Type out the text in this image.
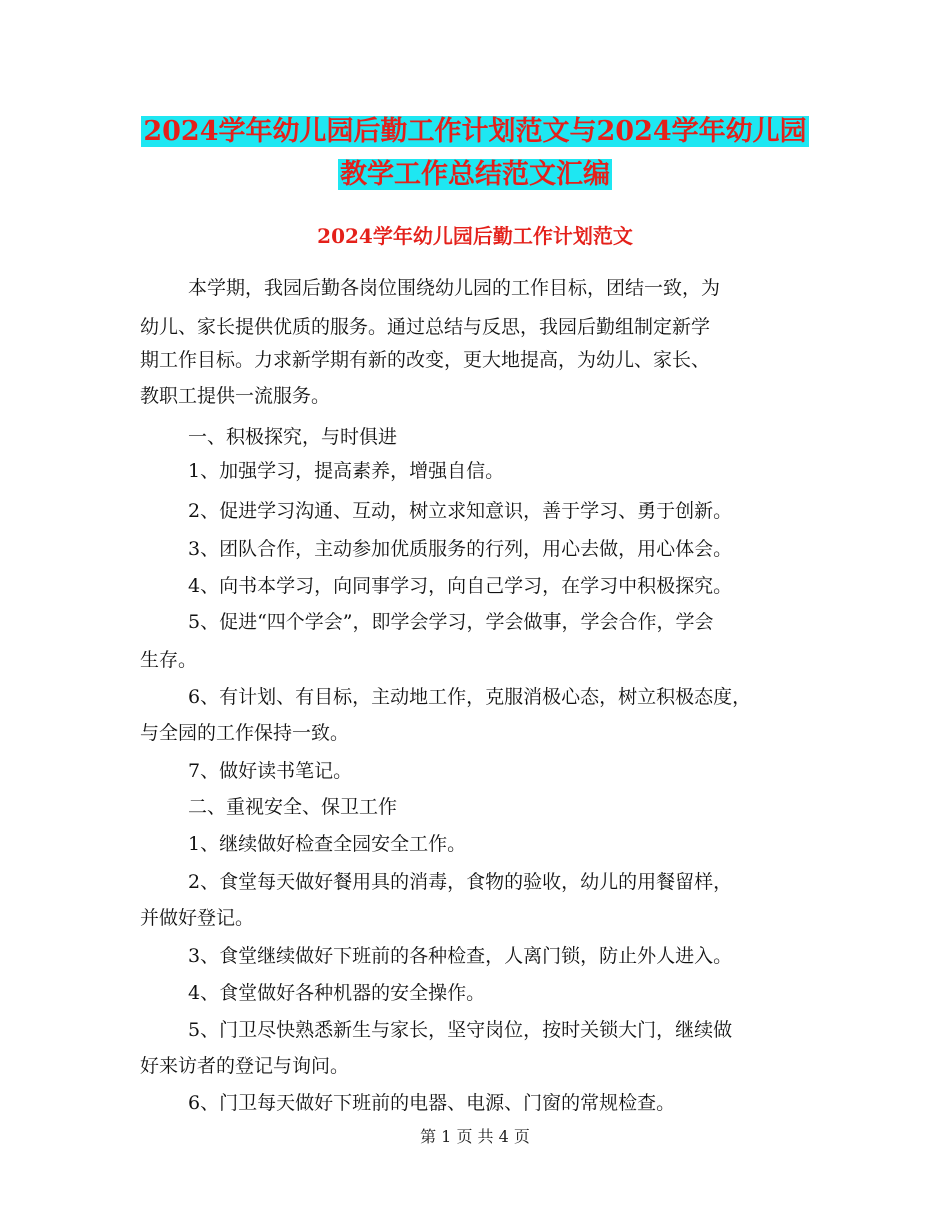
2024学年幼儿园后勤工作计划范文与2024学年幼儿园
教学工作总结范文汇编
2024学年幼儿园后勤工作计划范文
本学期，我园后勤各岗位围绕幼儿园的工作目标，团结一致，为
幼儿、家长提供优质的服务。通过总结与反思，我园后勤组制定新学
期工作目标。力求新学期有新的改变，更大地提高，为幼儿、家长、
教职工提供一流服务。
一、积极探究，与时俱进
1、加强学习，提高素养，增强自信。
2、促进学习沟通、互动，树立求知意识，善于学习、勇于创新。
3、团队合作，主动参加优质服务的行列，用心去做，用心体会。
4、向书本学习，向同事学习，向自己学习，在学习中积极探究。
5、促进“四个学会”，即学会学习，学会做事，学会合作，学会
生存。
6、有计划、有目标，主动地工作，克服消极心态，树立积极态度，
与全园的工作保持一致。
7、做好读书笔记。
二、重视安全、保卫工作
1、继续做好检查全园安全工作。
2、食堂每天做好餐用具的消毒，食物的验收，幼儿的用餐留样，
并做好登记。
3、食堂继续做好下班前的各种检查，人离门锁，防止外人进入。
4、食堂做好各种机器的安全操作。
5、门卫尽快熟悉新生与家长，坚守岗位，按时关锁大门，继续做
好来访者的登记与询问。
6、门卫每天做好下班前的电器、电源、门窗的常规检查。
第 1 页 共 4 页
